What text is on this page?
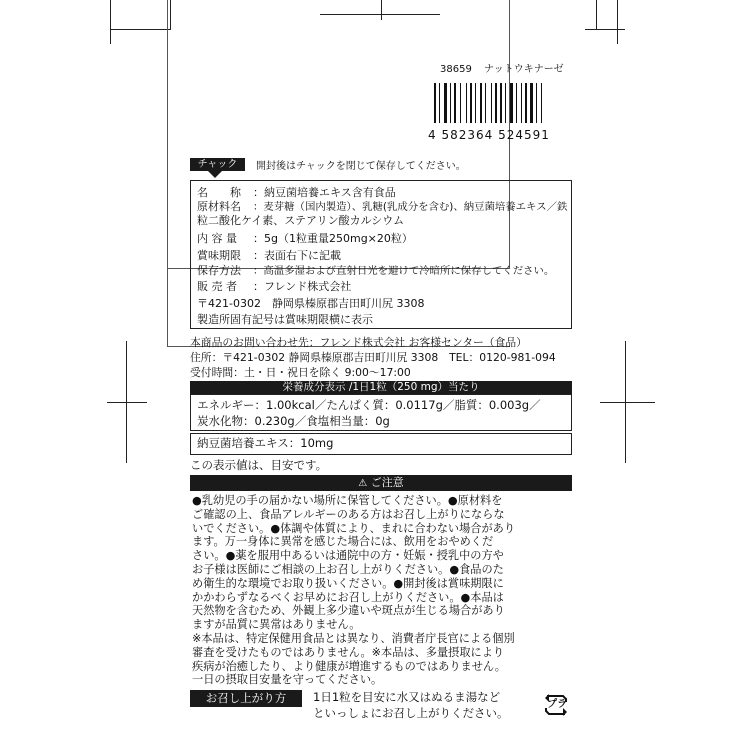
38659 ナットウキナーゼ
4 582364 524591
チャック	開封後はチャックを閉じて保存してください。
名　　称 ：納豆菌培養エキス含有食品
原材料名 ：麦芽糖（国内製造）、乳糖(乳成分を含む)、納豆菌培養エキス／鉄
粒二酸化ケイ素、ステアリン酸カルシウム
内 容 量 ：5g（1粒重量250mg×20粒）
賞味期限 ：表面右下に記載
保存方法 ：高温多湿および直射日光を避けて冷暗所に保存してください。
販 売 者 ：フレンド株式会社
〒421-0302　静岡県榛原郡吉田町川尻 3308
製造所固有記号は賞味期限横に表示
本商品のお問い合わせ先：フレンド株式会社 お客様センター（食品）
住所：〒421-0302 静岡県榛原郡吉田町川尻 3308　TEL：0120-981-094
受付時間：土・日・祝日を除く 9:00～17:00
栄養成分表示 /1日1粒（250 mg）当たり
エネルギー：1.00kcal／たんぱく質：0.0117g／脂質：0.003g／
炭水化物：0.230g／食塩相当量：0g
納豆菌培養エキス：10mg
この表示値は、目安です。
⚠ ご注意
●乳幼児の手の届かない場所に保管してください。●原材料を
ご確認の上、食品アレルギーのある方はお召し上がりにならな
いでください。●体調や体質により、まれに合わない場合があり
ます。万一身体に異常を感じた場合には、飲用をおやめくだ
さい。●薬を服用中あるいは通院中の方・妊娠・授乳中の方や
お子様は医師にご相談の上お召し上がりください。●食品のた
め衛生的な環境でお取り扱いください。●開封後は賞味期限に
かかわらずなるべくお早めにお召し上がりください。●本品は
天然物を含むため、外観上多少違いや斑点が生じる場合があり
ますが品質に異常はありません。
※本品は、特定保健用食品とは異なり、消費者庁長官による個別
審査を受けたものではありません。※本品は、多量摂取により
疾病が治癒したり、より健康が増進するものではありません。
一日の摂取目安量を守ってください。
お召し上がり方	1日1粒を目安に水又はぬるま湯など
といっしょにお召し上がりください。
プラ
